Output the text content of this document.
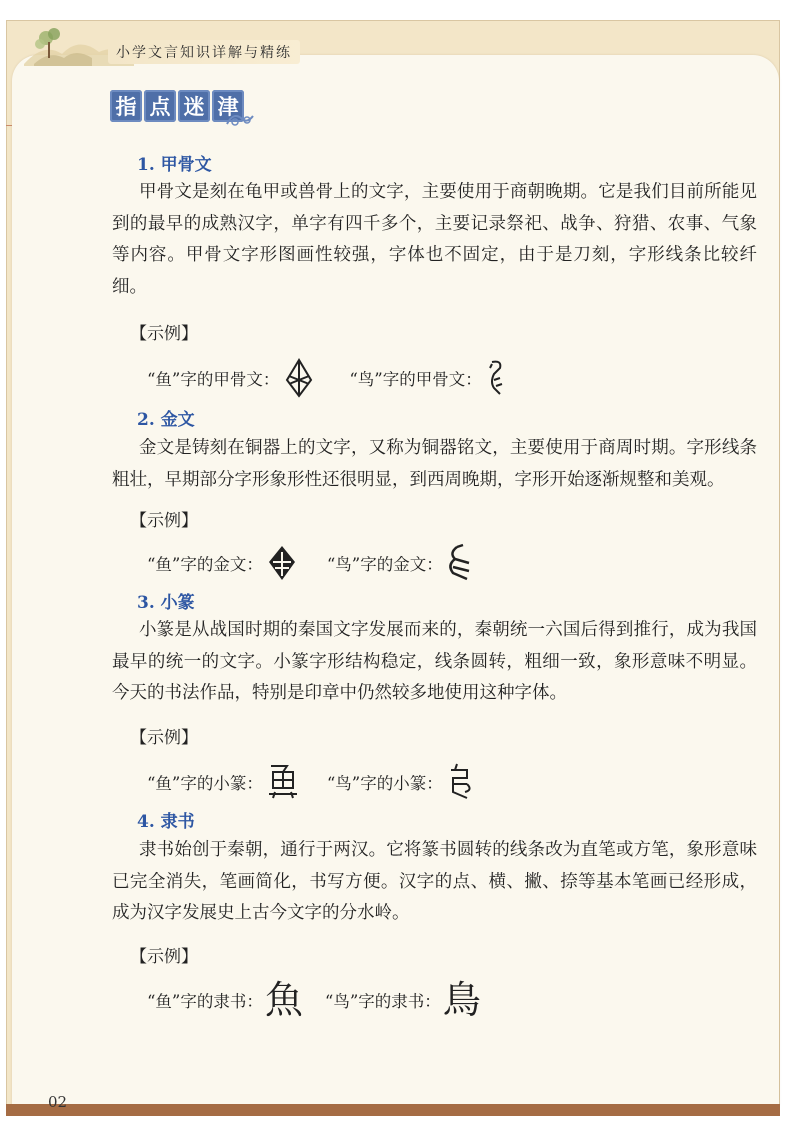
小学文言知识详解与精练
指 点 迷 津
1. 甲骨文
甲骨文是刻在龟甲或兽骨上的文字，主要使用于商朝晚期。它是我们目前所能见到的最早的成熟汉字，单字有四千多个，主要记录祭祀、战争、狩猎、农事、气象等内容。甲骨文字形图画性较强，字体也不固定，由于是刀刻，字形线条比较纤细。
【示例】
“鱼”字的甲骨文：	“鸟”字的甲骨文：
2. 金文
金文是铸刻在铜器上的文字，又称为铜器铭文，主要使用于商周时期。字形线条粗壮，早期部分字形象形性还很明显，到西周晚期，字形开始逐渐规整和美观。
【示例】
“鱼”字的金文：	“鸟”字的金文：
3. 小篆
小篆是从战国时期的秦国文字发展而来的，秦朝统一六国后得到推行，成为我国最早的统一的文字。小篆字形结构稳定，线条圆转，粗细一致，象形意味不明显。今天的书法作品，特别是印章中仍然较多地使用这种字体。
【示例】
“鱼”字的小篆：	“鸟”字的小篆：
4. 隶书
隶书始创于秦朝，通行于两汉。它将篆书圆转的线条改为直笔或方笔，象形意味已完全消失，笔画简化，书写方便。汉字的点、横、撇、捺等基本笔画已经形成，成为汉字发展史上古今文字的分水岭。
【示例】
“鱼”字的隶书： 魚 “鸟”字的隶书： 鳥
02
